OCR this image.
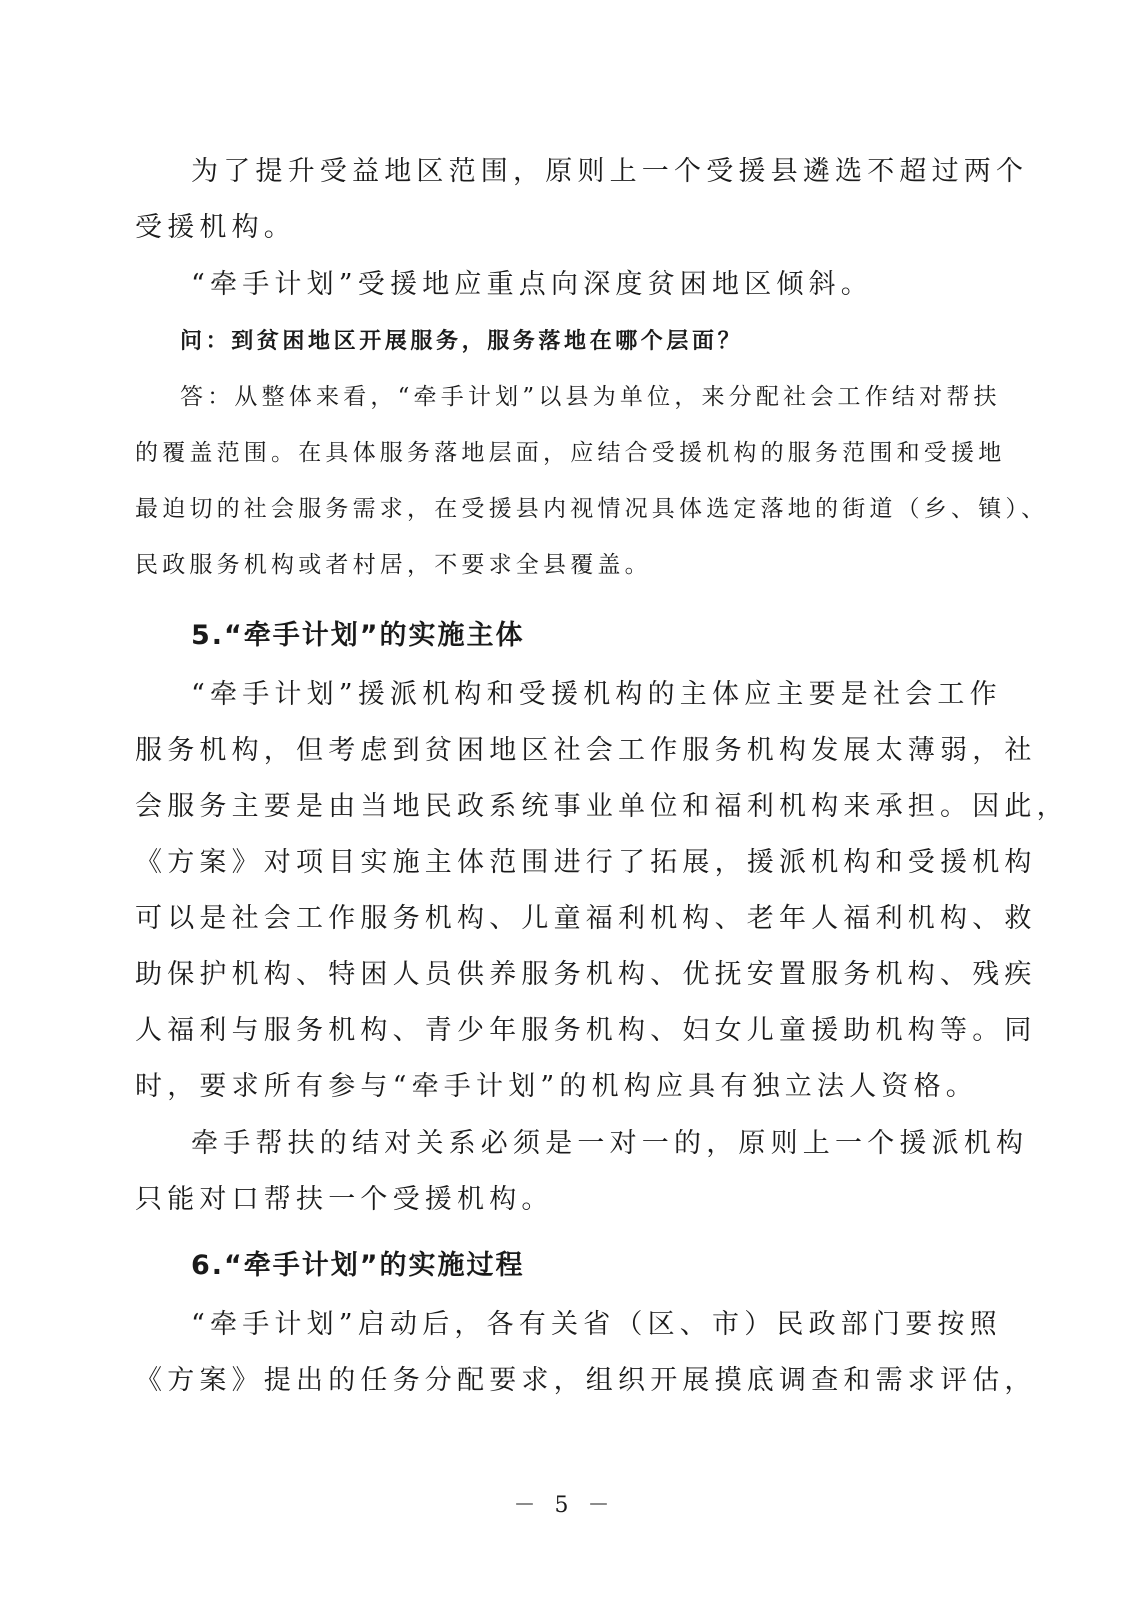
为了提升受益地区范围，原则上一个受援县遴选不超过两个
受援机构。
“牵手计划”受援地应重点向深度贫困地区倾斜。
问：到贫困地区开展服务，服务落地在哪个层面？
答：从整体来看，“牵手计划”以县为单位，来分配社会工作结对帮扶
的覆盖范围。在具体服务落地层面，应结合受援机构的服务范围和受援地
最迫切的社会服务需求，在受援县内视情况具体选定落地的街道（乡、镇）、
民政服务机构或者村居，不要求全县覆盖。
5.“牵手计划”的实施主体
“牵手计划”援派机构和受援机构的主体应主要是社会工作
服务机构，但考虑到贫困地区社会工作服务机构发展太薄弱，社
会服务主要是由当地民政系统事业单位和福利机构来承担。因此，
《方案》对项目实施主体范围进行了拓展，援派机构和受援机构
可以是社会工作服务机构、儿童福利机构、老年人福利机构、救
助保护机构、特困人员供养服务机构、优抚安置服务机构、残疾
人福利与服务机构、青少年服务机构、妇女儿童援助机构等。同
时，要求所有参与“牵手计划”的机构应具有独立法人资格。
牵手帮扶的结对关系必须是一对一的，原则上一个援派机构
只能对口帮扶一个受援机构。
6.“牵手计划”的实施过程
“牵手计划”启动后，各有关省（区、市）民政部门要按照
《方案》提出的任务分配要求，组织开展摸底调查和需求评估，
－ 5 －
